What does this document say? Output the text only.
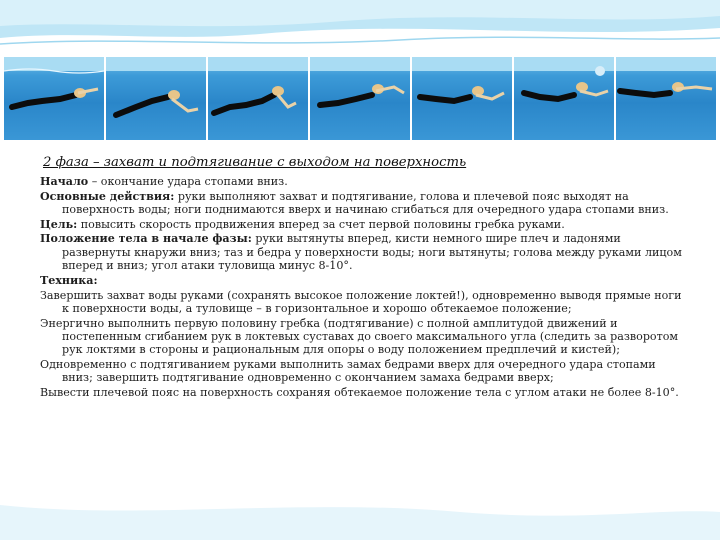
2 фаза – захват и подтягивание с выходом на поверхность
Начало – окончание удара стопами вниз.
Основные действия: руки выполняют захват и подтягивание, голова и плечевой пояс выходят на поверхность воды; ноги поднимаются вверх и начинаю сгибаться для очередного удара стопами вниз.
Цель: повысить скорость продвижения вперед за счет первой половины гребка руками.
Положение тела в начале фазы: руки вытянуты вперед, кисти немного шире плеч и ладонями развернуты кнаружи вниз; таз и бедра у поверхности воды; ноги вытянуты; голова между руками лицом вперед и вниз; угол атаки туловища минус 8-10°.
Техника:
Завершить захват воды руками (сохранять высокое положение локтей!), одновременно выводя прямые ноги к поверхности воды, а туловище – в горизонтальное и хорошо обтекаемое положение;
Энергично выполнить первую половину гребка (подтягивание) с полной амплитудой движений и постепенным сгибанием рук в локтевых суставах до своего максимального угла (следить за разворотом рук локтями в стороны и рациональным для опоры о воду положением предплечий и кистей);
Одновременно с подтягиванием руками выполнить замах бедрами вверх для очередного удара стопами вниз; завершить подтягивание одновременно с окончанием замаха бедрами вверх;
Вывести плечевой пояс на поверхность сохраняя обтекаемое положение тела с углом атаки не более 8-10°.
